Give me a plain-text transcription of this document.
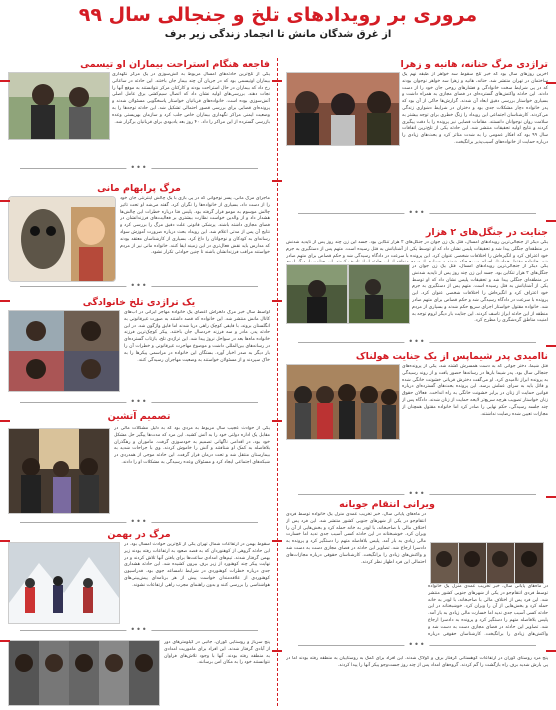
مروری بر رویدادهای تلخ و جنجالی سال ۹۹

از غرق شدگان مانش تا انجماد زندگی زیر برف

تراژدی مرگ حنانه، هانیه و زهرا
آخرین روزهای سال بود که خبر تلخ سقوط سه خواهر از طبقه نهم یک ساختمان در تهران منتشر شد. حنانه، هانیه و زهرا سه خواهر نوجوان بودند که در پی شرایط سخت خانوادگی و فشارهای روحی جان خود را از دست دادند. این حادثه واکنش‌های گسترده‌ای در فضای مجازی به همراه داشت و بسیاری خواستار بررسی دقیق ابعاد آن شدند. گزارش‌ها حاکی از آن بود که پدر خانواده دچار مشکلات جدی بود و دختران در شرایط دشواری زندگی می‌کردند. کارشناسان اجتماعی این رویداد را زنگ خطری برای توجه بیشتر به سلامت روان نوجوانان دانستند. مقامات قضایی نیز پرونده را با دقت پیگیری کردند و نتایج اولیه تحقیقات منتشر شد. این حادثه یکی از تلخ‌ترین اتفاقات سال ۹۹ بود که افکار عمومی را به شدت متاثر کرد و بحث‌های زیادی را درباره حمایت از خانواده‌های آسیب‌پذیر برانگیخت.
•••
جنایت در جنگل‌های ۲ هزار
یکی دیگر از جنجالی‌ترین رویدادهای امسال، قتل یک زن جوان در جنگل‌های ۲ هزار تنکابن بود. جسد این زن چند روز پس از ناپدید شدنش در منطقه‌ای جنگلی پیدا شد و تحقیقات پلیس نشان داد که او توسط یکی از آشنایانش به قتل رسیده است. متهم پس از دستگیری به جرم خود اعتراف کرد و انگیزه‌اش را اختلافات شخصی عنوان کرد. این پرونده با سرعت در دادگاه رسیدگی شد و حکم قصاص برای متهم صادر
یکی دیگر از جنجالی‌ترین رویدادهای امسال، قتل یک زن جوان در جنگل‌های ۲ هزار تنکابن بود. جسد این زن چند روز پس از ناپدید شدنش در منطقه‌ای جنگلی پیدا شد و تحقیقات پلیس نشان داد که او توسط یکی از آشنایانش به قتل رسیده است. متهم پس از دستگیری به جرم خود اعتراف کرد و انگیزه‌اش را اختلافات شخصی عنوان کرد. این پرونده با سرعت در دادگاه رسیدگی شد و حکم قصاص برای متهم صادر شد. خانواده مقتول خواستار اجرای سریع حکم شدند و بسیاری از مردم منطقه از این حادثه ابراز تاسف کردند. این جنایت بار دیگر لزوم توجه به امنیت مناطق گردشگری را مطرح کرد.
•••
ناامیدی پدر شیماپس از یک جنایت هولناک
قتل شیما، دختر جوانی که به دست همسرش کشته شد، یکی از پرونده‌های جنجالی سال بود. پدر شیما بارها در رسانه‌ها حضور یافت و از روند رسیدگی به پرونده ابراز ناامیدی کرد. او می‌گفت دخترش قربانی خشونت خانگی شده و قاتل باید به سزای عملش برسد. این پرونده بحث‌های گسترده‌ای درباره قوانین حمایت از زنان در برابر خشونت خانگی به راه انداخت. فعالان حقوق زنان خواستار تصویب هرچه سریع‌تر لایحه حمایت از زنان شدند. دادگاه پس از چند جلسه رسیدگی، حکم نهایی را صادر کرد اما خانواده مقتول همچنان از مجازات تعیین شده رضایت نداشتند.
•••
ویرانی انتقام جویانه
در ماه‌های پایانی سال، خبر تخریب عمدی منزل یک خانواده توسط فردی انتقام‌جو در یکی از شهرهای جنوبی کشور منتشر شد. این فرد پس از اختلاف مالی با صاحبخانه، با لودر به خانه حمله کرد و بخش‌هایی از آن را ویران کرد. خوشبختانه در این حادثه کسی آسیب جدی ندید اما خسارت مالی زیادی به بار آمد. پلیس بلافاصله متهم را دستگیر کرد و پرونده به دادسرا ارجاع شد. تصاویر این حادثه در فضای مجازی دست به دست شد و واکنش‌های زیادی را برانگیخت. کارشناسان حقوقی درباره مجازات‌های احتمالی این فرد اظهار نظر کردند.
در ماه‌های پایانی سال، خبر تخریب عمدی منزل یک خانواده توسط فردی انتقام‌جو در یکی از شهرهای جنوبی کشور منتشر شد. این فرد پس از اختلاف مالی با صاحبخانه، با لودر به خانه حمله کرد و بخش‌هایی از آن را ویران کرد. خوشبختانه در این حادثه کسی آسیب جدی ندید اما خسارت مالی زیادی به بار آمد. پلیس بلافاصله متهم را دستگیر کرد و پرونده به دادسرا ارجاع شد. تصاویر این حادثه در فضای مجازی دست به دست شد و واکنش‌های زیادی را برانگیخت. کارشناسان حقوقی درباره
•••
پنج مرد روستای کوران در ارتفاعات کوهستانی گرفتار برف و کولاک شدند. این افراد برای کمک به روستاییان به منطقه رفته بودند اما در پی بارش شدید برف راه بازگشت را گم کردند. گروه‌های امداد پس از چند روز جست‌وجو پیکر آنها را پیدا کردند.
فاجعه هنگام استراحت بیماران او تیسمی
یکی از تلخ‌ترین حادثه‌های امسال مربوط به آتش‌سوزی در یک مرکز نگهداری بیماران اوتیسمی بود که در جریان آن چند بیمار جان باختند. این حادثه در ساعاتی رخ داد که بیماران در حال استراحت بودند و کارکنان مرکز نتوانستند به موقع آنها را نجات دهند. بررسی‌های اولیه نشان داد که اتصال سیم‌کشی برق عامل اصلی آتش‌سوزی بوده است. خانواده‌های قربانیان خواستار پاسخگویی مسئولان شدند و پرونده‌ای قضایی برای بررسی قصور احتمالی تشکیل شد. این حادثه توجه‌ها را به وضعیت ایمنی مراکز نگهداری بیماران خاص جلب کرد و سازمان بهزیستی وعده بازرسی گسترده از این مراکز را داد. ۴۰ روز بعد یادبودی برای قربانیان برگزار شد.
•••
مرگ پرابهام مانی
ماجرای مرگ مانی، پسر نوجوانی که در پی بازی با یک چالش اینترنتی جان خود را از دست داد، بسیاری از خانواده‌ها را نگران کرد. گفته می‌شد او تحت تاثیر چالش موسوم به مومو قرار گرفته بود. پلیس فتا درباره خطرات این چالش‌ها هشدار داد و از والدین خواست نظارت بیشتری بر فعالیت‌های فرزندانشان در فضای مجازی داشته باشند. پزشکی قانونی علت دقیق مرگ را بررسی کرد و نتایج آن پس از مدتی اعلام شد. این رویداد بحث درباره ضرورت آموزش سواد رسانه‌ای به کودکان و نوجوانان را داغ کرد. بسیاری از کارشناسان معتقد بودند که مدارس باید نقش فعال‌تری در این زمینه ایفا کنند. خانواده مانی نیز از مردم خواستند مراقب فرزندانشان باشند تا چنین حوادثی تکرار نشود.
•••
یک تراژدی تلخ خانوادگی
اواسط سال خبر مرگ دلخراش اعضای یک خانواده مهاجر ایرانی در آب‌های کانال مانش منتشر شد. این خانواده که قصد داشتند به صورت غیرقانونی به انگلستان بروند، با قایقی کوچک راهی دریا شدند اما قایق واژگون شد. در این حادثه پدر، مادر و سه فرزند خردسال جان باختند. پیکر کوچک‌ترین فرزند خانواده ماه‌ها بعد در سواحل نروژ پیدا شد. این تراژدی تلخ، بازتاب گسترده‌ای در رسانه‌های بین‌المللی داشت و موضوع مهاجرت غیرقانونی و خطرات آن را بار دیگر به صدر اخبار آورد. بستگان این خانواده در مراسمی پیکرها را به خاک سپردند و از مسئولان خواستند به وضعیت مهاجران رسیدگی کنند.
•••
تصمیم آتشین
یکی از حوادث عجیب سال مربوط به مردی بود که به دلیل مشکلات مالی در مقابل یک اداره دولتی خود را به آتش کشید. این مرد که مدت‌ها پیگیر حل مشکل خود بود، در اقدامی ناگهانی تصمیم به خودسوزی گرفت. ماموران و رهگذران بلافاصله به کمک او شتافتند و آتش را خاموش کردند. وی با جراحات شدید به بیمارستان منتقل شد و تحت درمان قرار گرفت. این حادثه موجی از همدردی در شبکه‌های اجتماعی ایجاد کرد و مسئولان وعده رسیدگی به مشکلات او را دادند.
•••
مرگ در بهمن
سقوط بهمن در ارتفاعات شمال تهران یکی از تلخ‌ترین حوادث امسال بود. در این حادثه گروهی از کوهنوردان که به قصد صعود به ارتفاعات رفته بودند زیر بهمن گرفتار شدند. تیم‌های امدادی ساعت‌ها برای یافتن آنها تلاش کردند و در نهایت پیکر چند کوهنورد از زیر برف بیرون کشیده شد. این حادثه هشداری جدی درباره خطرات کوهنوردی در شرایط نامساعد جوی بود. فدراسیون کوهنوردی از علاقه‌مندان خواست پیش از هر برنامه‌ای پیش‌بینی‌های هواشناسی را بررسی کنند و بدون راهنمای مجرب راهی ارتفاعات نشوند.
•••
پنج سرباز و روستایی کوران، جانبی در کیلومترهای دور از آبادی گرفتار شدند. این افراد برای ماموریت امدادی به منطقه رفته بودند. آنها با وجود تلاش‌های فراوان نتوانستند خود را به مکان امن برسانند.
